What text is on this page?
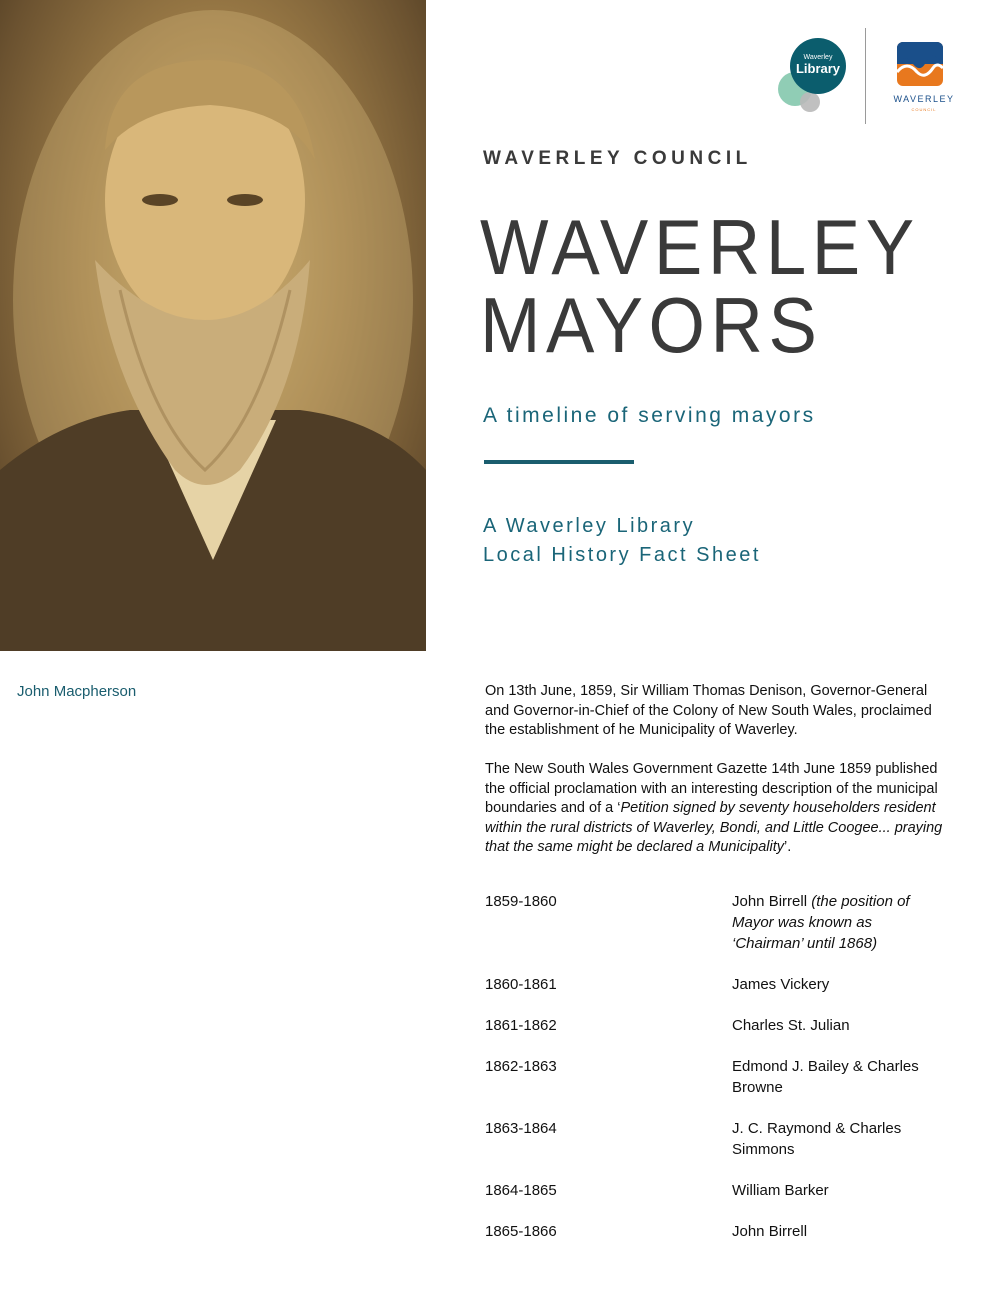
John Macpherson
Waverley
Library
WAVERLEY
COUNCIL
WAVERLEY COUNCIL
WAVERLEY
MAYORS
A timeline of serving mayors
A Waverley Library
Local History Fact Sheet

On 13th June, 1859, Sir William Thomas Denison, Governor-General and Governor-in-Chief of the Colony of New South Wales, proclaimed the establishment of he Municipality of Waverley.

The New South Wales Government Gazette 14th June 1859 published the official proclamation with an interesting description of the municipal boundaries and of a ‘Petition signed by seventy householders resident within the rural districts of Waverley, Bondi, and Little Coogee... praying that the same might be declared a Municipality’.

1859-1860	John Birrell (the position of Mayor was known as ‘Chairman’ until 1868)
1860-1861	James Vickery
1861-1862	Charles St. Julian
1862-1863	Edmond J. Bailey & Charles Browne
1863-1864	J. C. Raymond & Charles Simmons
1864-1865	William Barker
1865-1866	John Birrell
